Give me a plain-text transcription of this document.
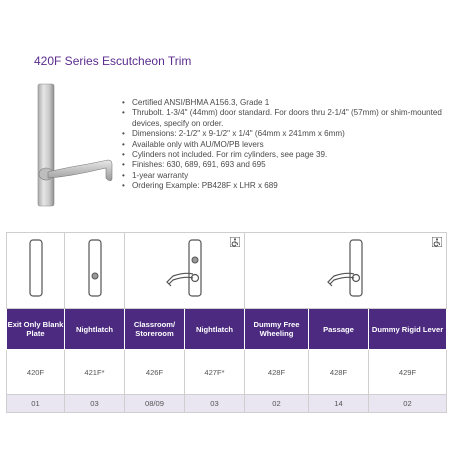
420F Series Escutcheon Trim
• Certified ANSI/BHMA A156.3, Grade 1
• Thrubolt. 1-3/4" (44mm) door standard. For doors thru 2-1/4" (57mm) or shim-mounted devices, specify on order.
• Dimensions: 2-1/2" x 9-1/2" x 1/4" (64mm x 241mm x 6mm)
• Available only with AU/MO/PB levers
• Cylinders not included. For rim cylinders, see page 39.
• Finishes: 630, 689, 691, 693 and 695
• 1-year warranty
• Ordering Example: PB428F x LHR x 689

Exit Only Blank Plate	Nightlatch	Classroom/ Storeroom	Nightlatch	Dummy Free Wheeling	Passage	Dummy Rigid Lever
420F	421F*	426F	427F*	428F	428F	429F
01	03	08/09	03	02	14	02
